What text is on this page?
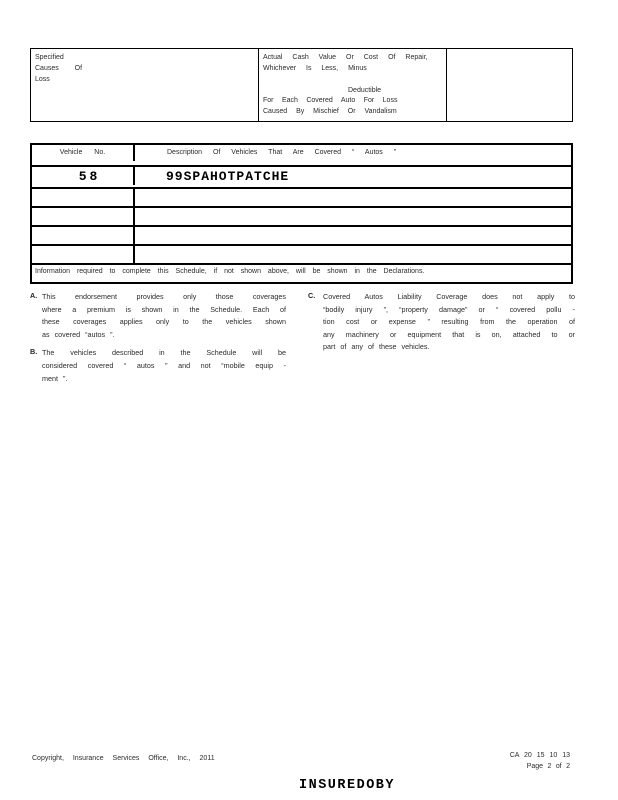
Specified
Causes Of
Loss
Actual Cash Value Or Cost Of Repair,
Whichever Is Less, Minus
Deductible
For Each Covered Auto For Loss
Caused By Mischief Or Vandalism
Vehicle No.	Description Of Vehicles That Are Covered “ Autos ”
58	99SPAHOTPATCHE
Information required to complete this Schedule, if not shown above, will be shown in the Declarations.
A. This endorsement provides only those coverages
where a premium is shown in the Schedule. Each of
these coverages applies only to the vehicles shown
as covered “autos ”.
B. The vehicles described in the Schedule will be
considered covered “ autos ” and not “mobile equip -
ment ”.
C. Covered Autos Liability Coverage does not apply to
“bodily injury ”, “property damage” or “ covered pollu -
tion cost or expense ” resulting from the operation of
any machinery or equipment that is on, attached to or
part of any of these vehicles.
Copyright, Insurance Services Office, Inc., 2011	CA 20 15 10 13
Page 2 of 2
INSUREDOBY
